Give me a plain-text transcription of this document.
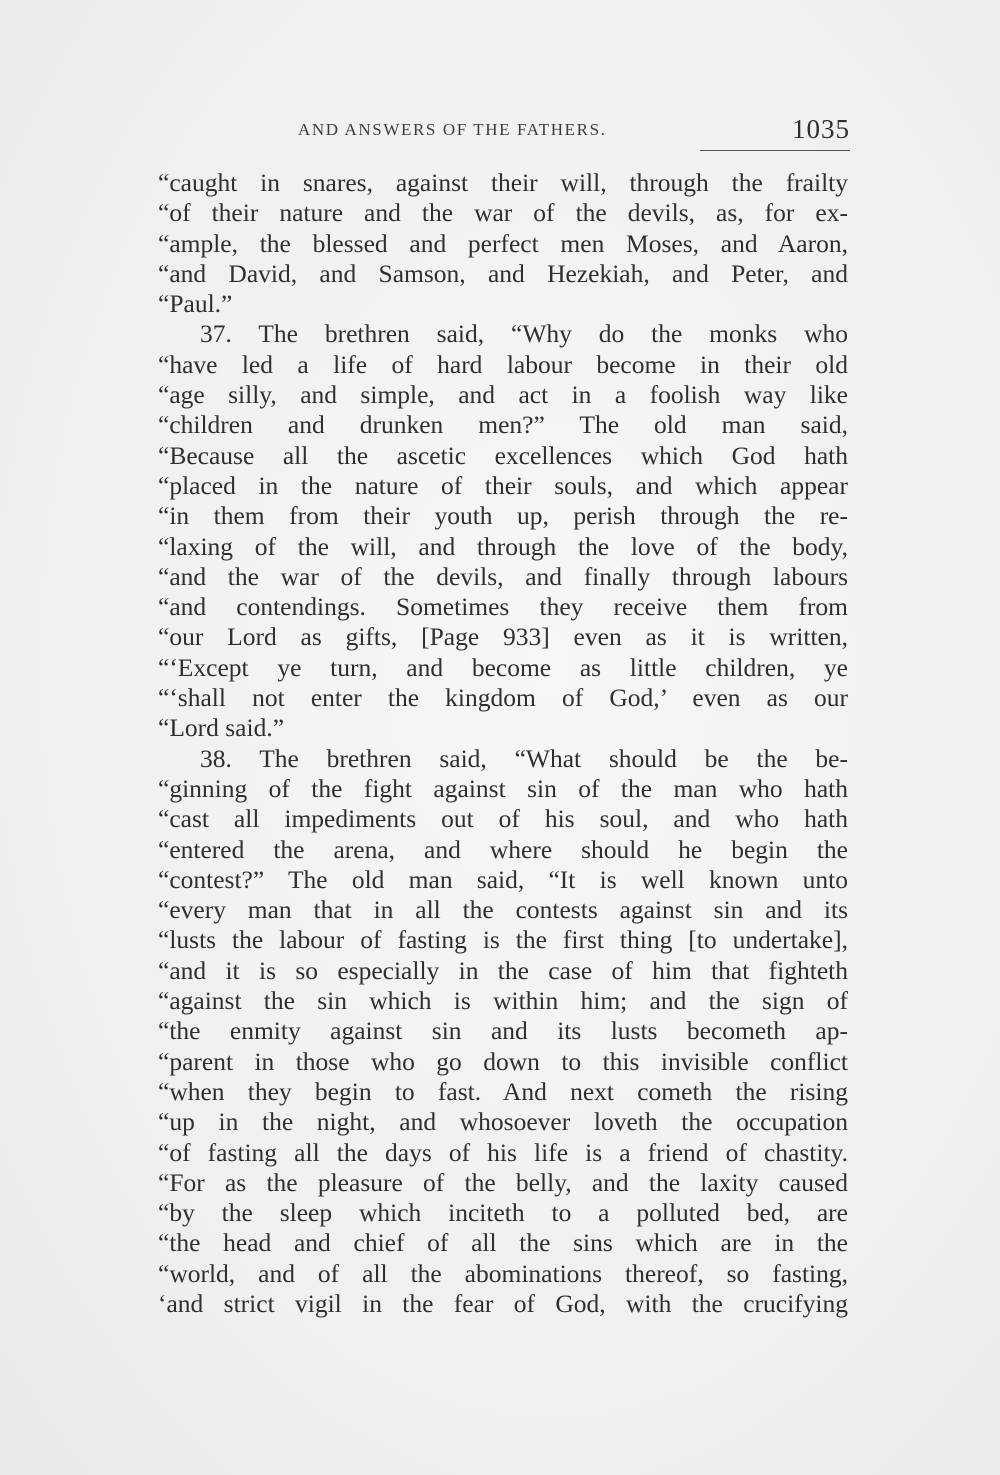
AND ANSWERS OF THE FATHERS.	1035
“caught in snares, against their will, through the frailty
“of their nature and the war of the devils, as, for ex-
“ample, the blessed and perfect men Moses, and Aaron,
“and David, and Samson, and Hezekiah, and Peter, and
“Paul.”
37. The brethren said, “Why do the monks who
“have led a life of hard labour become in their old
“age silly, and simple, and act in a foolish way like
“children and drunken men?” The old man said,
“Because all the ascetic excellences which God hath
“placed in the nature of their souls, and which appear
“in them from their youth up, perish through the re-
“laxing of the will, and through the love of the body,
“and the war of the devils, and finally through labours
“and contendings. Sometimes they receive them from
“our Lord as gifts, [Page 933] even as it is written,
“‘Except ye turn, and become as little children, ye
“‘shall not enter the kingdom of God,’ even as our
“Lord said.”
38. The brethren said, “What should be the be-
“ginning of the fight against sin of the man who hath
“cast all impediments out of his soul, and who hath
“entered the arena, and where should he begin the
“contest?” The old man said, “It is well known unto
“every man that in all the contests against sin and its
“lusts the labour of fasting is the first thing [to undertake],
“and it is so especially in the case of him that fighteth
“against the sin which is within him; and the sign of
“the enmity against sin and its lusts becometh ap-
“parent in those who go down to this invisible conflict
“when they begin to fast. And next cometh the rising
“up in the night, and whosoever loveth the occupation
“of fasting all the days of his life is a friend of chastity.
“For as the pleasure of the belly, and the laxity caused
“by the sleep which inciteth to a polluted bed, are
“the head and chief of all the sins which are in the
“world, and of all the abominations thereof, so fasting,
‘and strict vigil in the fear of God, with the crucifying
